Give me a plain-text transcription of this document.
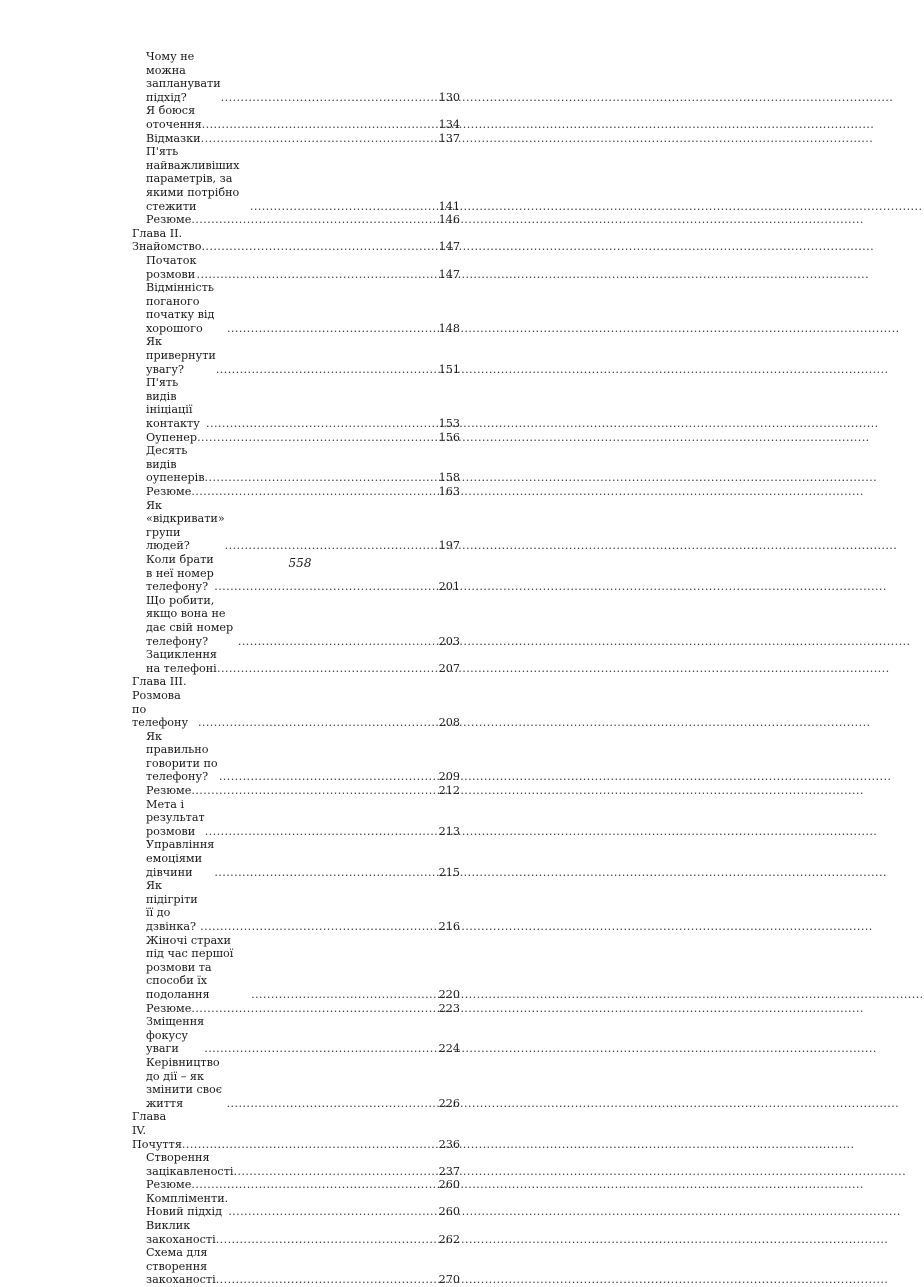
Чому не можна запланувати підхід? .....	130
Я боюся оточення .....	134
Відмазки .....	137
П'ять найважливіших параметрів, за якими потрібно стежити .....	141
Резюме .....	146
Глава II. Знайомство .....	147
Початок розмови .....	147
Відмінність поганого початку від хорошого .....	148
Як привернути увагу? .....	151
П'ять видів ініціації контакту .....	153
Оупенер .....	156
Десять видів оупенерів .....	158
Резюме .....	163
Як «відкривати» групи людей? .....	197
Коли брати в неї номер телефону? .....	201
Що робити, якщо вона не дає свій номер телефону? .....	203
Зациклення на телефоні .....	207
Глава III. Розмова по телефону .....	208
Як правильно говорити по телефону? .....	209
Резюме .....	212
Мета і результат розмови .....	213
Управління емоціями дівчини .....	215
Як підігріти її до дзвінка? .....	216
Жіночі страхи під час першої розмови та способи їх подолання .....	220
Резюме .....	223
Зміщення фокусу уваги .....	224
Керівництво до дії – як змінити своє життя .....	226
Глава IV. Почуття .....	236
Створення зацікавленості .....	237
Резюме .....	260
Компліменти. Новий підхід .....	260
Виклик закоханості .....	262
Схема для створення закоханості .....	270
558
